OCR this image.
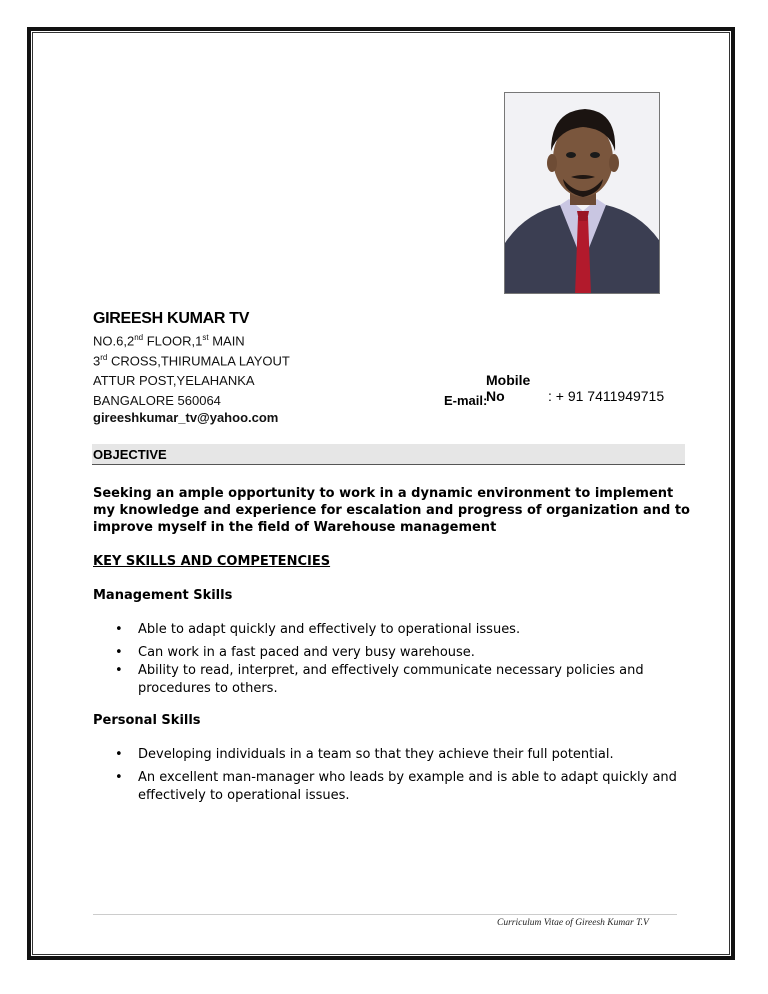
GIREESH KUMAR TV
NO.6,2nd FLOOR,1st MAIN
3rd CROSS,THIRUMALA LAYOUT
ATTUR POST,YELAHANKA
BANGALORE 560064
gireeshkumar_tv@yahoo.com
Mobile No	: + 91 7411949715
E-mail:
OBJECTIVE
Seeking an ample opportunity to work in a dynamic environment to implement my knowledge and experience for escalation and progress of organization and to improve myself in the field of Warehouse management
KEY SKILLS AND COMPETENCIES
Management Skills
• Able to adapt quickly and effectively to operational issues.
• Can work in a fast paced and very busy warehouse.
• Ability to read, interpret, and effectively communicate necessary policies and procedures to others.
Personal Skills
• Developing individuals in a team so that they achieve their full potential.
• An excellent man-manager who leads by example and is able to adapt quickly and effectively to operational issues.
Curriculum Vitae of Gireesh Kumar T.V
